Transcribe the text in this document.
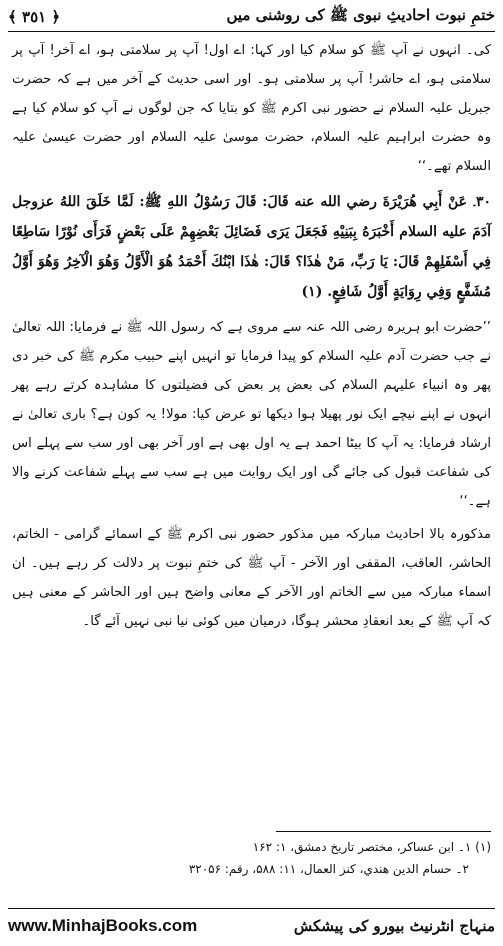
ختمِ نبوت احادیثِ نبوی ﷺ کی روشنی میں
﴿ ٣٥١ ﴾

کی۔ انہوں نے آپ ﷺ کو سلام کیا اور کہا: اے اول! آپ پر سلامتی ہو، اے آخر! آپ پر سلامتی ہو، اے حاشر! آپ پر سلامتی ہو۔ اور اسی حدیث کے آخر میں ہے کہ حضرت جبریل علیہ السلام نے حضور نبی اکرم ﷺ کو بتایا کہ جن لوگوں نے آپ کو سلام کیا ہے وہ حضرت ابراہیم علیہ السلام، حضرت موسیٰ علیہ السلام اور حضرت عیسیٰ علیہ السلام تھے۔‘‘

۳۰۔ عَنْ أَبِي هُرَيْرَةَ رضي الله عنه قَالَ: قَالَ رَسُوْلُ اللهِ ﷺ: لَمَّا خَلَقَ اللهُ عزوجل آدَمَ عليه السلام أَخْبَرَهُ بِبَنِيْهِ فَجَعَلَ يَرَى فَضَائِلَ بَعْضِهِمْ عَلَى بَعْضٍ فَرَأَى نُوْرًا سَاطِعًا فِي أَسْفَلِهِمْ قَالَ: يَا رَبِّ، مَنْ هٰذَا؟ قَالَ: هٰذَا ابْنُكَ أَحْمَدُ هُوَ الْأَوَّلُ وَهُوَ الْآخِرُ وَهُوَ أَوَّلُ مُشَفَّعٍ وَفِي رِوَايَةٍ أَوَّلُ شَافِعٍ. (۱)

’’حضرت ابو ہریرہ رضی اللہ عنہ سے مروی ہے کہ رسول اللہ ﷺ نے فرمایا: اللہ تعالیٰ نے جب حضرت آدم علیہ السلام کو پیدا فرمایا تو انہیں اپنے حبیب مکرم ﷺ کی خبر دی پھر وہ انبیاء علیہم السلام کی بعض پر بعض کی فضیلتوں کا مشاہدہ کرتے رہے پھر انہوں نے اپنے نیچے ایک نور پھیلا ہوا دیکھا تو عرض کیا: مولا! یہ کون ہے؟ باری تعالیٰ نے ارشاد فرمایا: یہ آپ کا بیٹا احمد ہے یہ اول بھی ہے اور آخر بھی اور سب سے پہلے اس کی شفاعت قبول کی جائے گی اور ایک روایت میں ہے سب سے پہلے شفاعت کرنے والا ہے۔‘‘

مذکورہ بالا احادیث مبارکہ میں مذکور حضور نبی اکرم ﷺ کے اسمائے گرامی - الخاتم، الحاشر، العاقب، المقفی اور الآخر - آپ ﷺ کی ختمِ نبوت پر دلالت کر رہے ہیں۔ ان اسماء مبارکہ میں سے الخاتم اور الآخر کے معانی واضح ہیں اور الحاشر کے معنی ہیں کہ آپ ﷺ کے بعد انعقادِ محشر ہوگا، درمیان میں کوئی نیا نبی نہیں آئے گا۔

(۱) ۱۔ ابن عساکر، مختصر تاریخ دمشق، ۱: ۱۶۲
۲۔ حسام الدين هندي، كنز العمال، ۱۱: ۵۸۸، رقم: ۳۲۰۵۶
www.MinhajBooks.com	منہاج انٹرنیٹ بیورو کی پیشکش
